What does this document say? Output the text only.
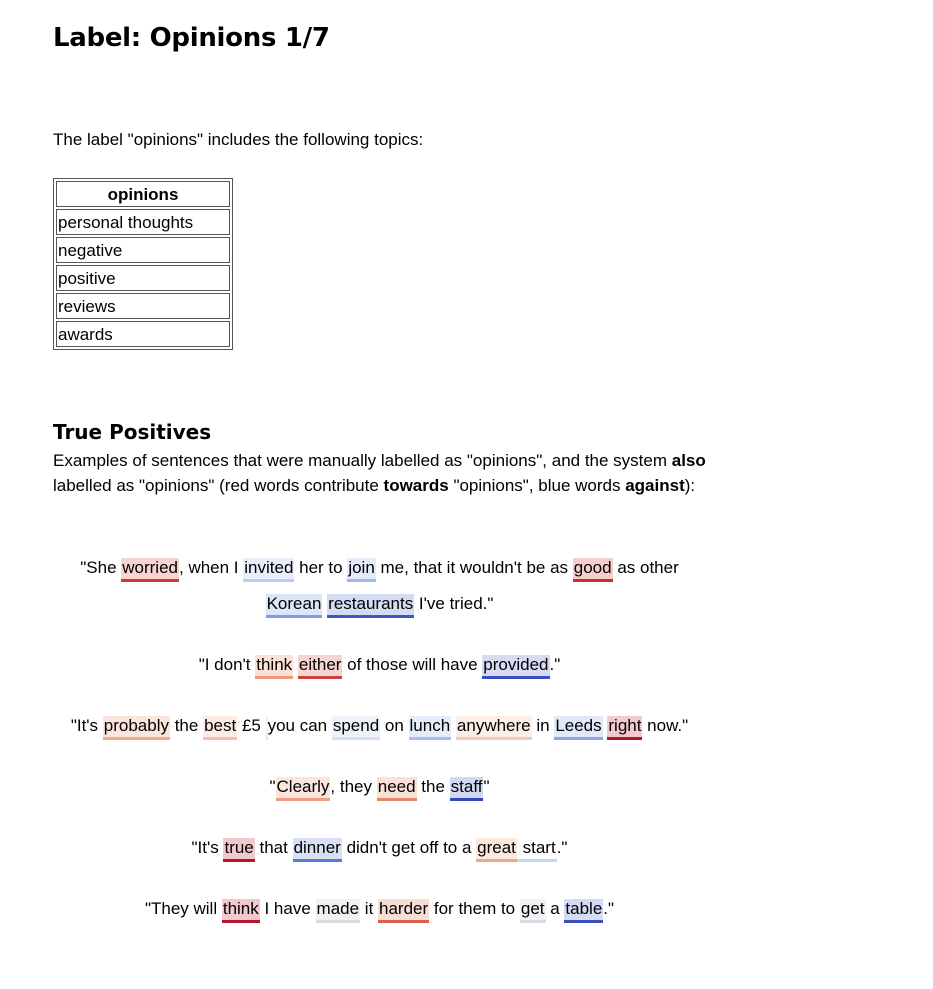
Label: Opinions 1/7

The label "opinions" includes the following topics:

opinions
personal thoughts
negative
positive
reviews
awards
True Positives

Examples of sentences that were manually labelled as "opinions", and the system also labelled as "opinions" (red words contribute towards "opinions", blue words against):

"She worried, when I invited her to join me, that it wouldn't be as good as other Korean restaurants I've tried."

"I don't think either of those will have provided."

"It's probably the best £5 you can spend on lunch anywhere in Leeds right now."

"Clearly, they need the staff"

"It's true that dinner didn't get off to a great start."

"They will think I have made it harder for them to get a table."
